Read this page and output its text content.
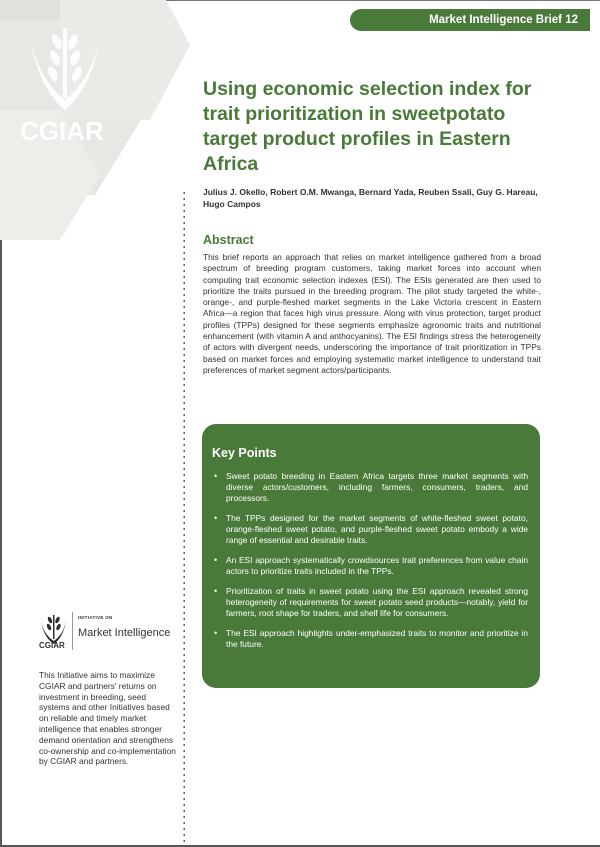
CGIAR
Market Intelligence Brief 12
Using economic selection index for trait prioritization in sweetpotato target product profiles in Eastern Africa
Julius J. Okello, Robert O.M. Mwanga, Bernard Yada, Reuben Ssali, Guy G. Hareau, Hugo Campos
Abstract

This brief reports an approach that relies on market intelligence gathered from a broad spectrum of breeding program customers, taking market forces into account when computing trait economic selection indexes (ESI). The ESIs generated are then used to prioritize the traits pursued in the breeding program. The pilot study targeted the white-, orange-, and purple-fleshed market segments in the Lake Victoria crescent in Eastern Africa—a region that faces high virus pressure. Along with virus protection, target product profiles (TPPs) designed for these segments emphasize agronomic traits and nutritional enhancement (with vitamin A and anthocyanins). The ESI findings stress the heterogeneity of actors with divergent needs, underscoring the importance of trait prioritization in TPPs based on market forces and employing systematic market intelligence to understand trait preferences of market segment actors/participants.

Key Points
• Sweet potato breeding in Eastern Africa targets three market segments with diverse actors/customers, including farmers, consumers, traders, and processors.
• The TPPs designed for the market segments of white-fleshed sweet potato, orange-fleshed sweet potato, and purple-fleshed sweet potato embody a wide range of essential and desirable traits.
• An ESI approach systematically crowdsources trait preferences from value chain actors to prioritize traits included in the TPPs.
• Prioritization of traits in sweet potato using the ESI approach revealed strong heterogeneity of requirements for sweet potato seed products—notably, yield for farmers, root shape for traders, and shelf life for consumers.
• The ESI approach highlights under-emphasized traits to monitor and prioritize in the future.
CGIAR
INITIATIVE ON
Market Intelligence

This Initiative aims to maximize CGIAR and partners' returns on investment in breeding, seed systems and other Initiatives based on reliable and timely market intelligence that enables stronger demand orientation and strengthens co-ownership and co-implementation by CGIAR and partners.
